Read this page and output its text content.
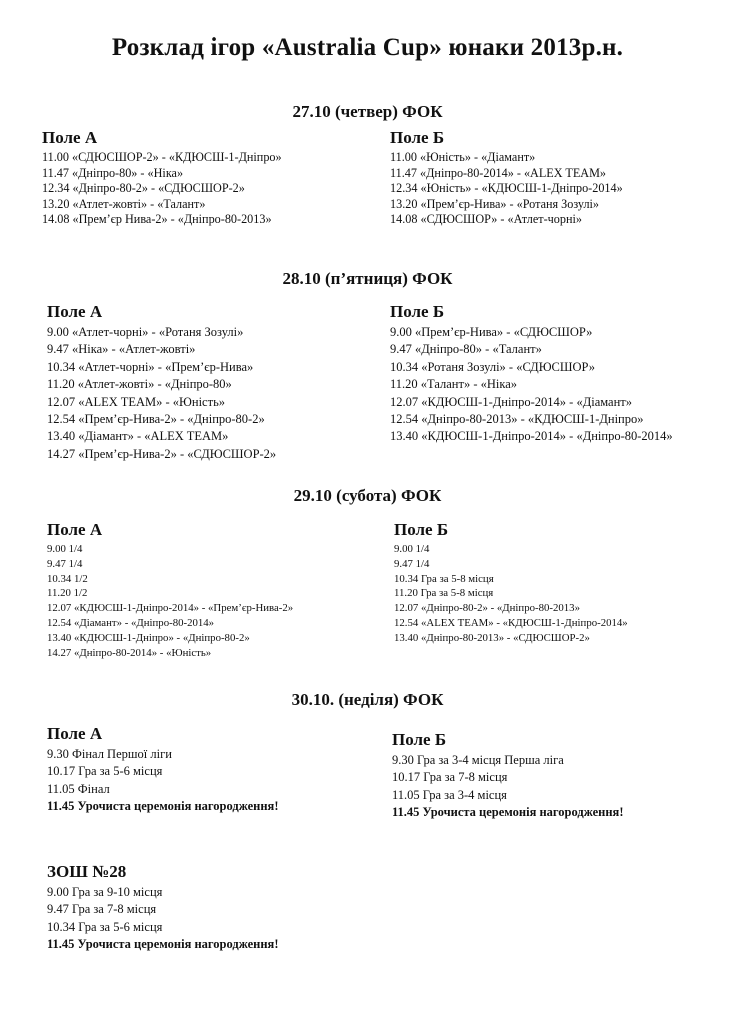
Розклад ігор «Australia Cup» юнаки 2013р.н.
27.10 (четвер) ФОК
Поле А
11.00 «СДЮСШОР-2» - «КДЮСШ-1-Дніпро»
11.47 «Дніпро-80» - «Ніка»
12.34 «Дніпро-80-2» - «СДЮСШОР-2»
13.20 «Атлет-жовті» - «Талант»
14.08 «Прем’єр Нива-2» - «Дніпро-80-2013»
Поле Б
11.00 «Юність» - «Діамант»
11.47 «Дніпро-80-2014» - «ALEX TEAM»
12.34 «Юність» - «КДЮСШ-1-Дніпро-2014»
13.20 «Прем’єр-Нива» - «Ротаня Зозулі»
14.08 «СДЮСШОР» - «Атлет-чорні»
28.10 (п’ятниця) ФОК
Поле А
9.00 «Атлет-чорні» - «Ротаня Зозулі»
9.47 «Ніка» - «Атлет-жовті»
10.34 «Атлет-чорні» - «Прем’єр-Нива»
11.20 «Атлет-жовті» - «Дніпро-80»
12.07 «ALEX TEAM» - «Юність»
12.54 «Прем’єр-Нива-2» - «Дніпро-80-2»
13.40 «Діамант» - «ALEX TEAM»
14.27 «Прем’єр-Нива-2» - «СДЮСШОР-2»
Поле Б
9.00 «Прем’єр-Нива» - «СДЮСШОР»
9.47 «Дніпро-80» - «Талант»
10.34 «Ротаня Зозулі» - «СДЮСШОР»
11.20 «Талант» - «Ніка»
12.07 «КДЮСШ-1-Дніпро-2014» - «Діамант»
12.54 «Дніпро-80-2013» - «КДЮСШ-1-Дніпро»
13.40 «КДЮСШ-1-Дніпро-2014» - «Дніпро-80-2014»
29.10 (субота) ФОК
Поле А
9.00 1/4
9.47 1/4
10.34 1/2
11.20 1/2
12.07 «КДЮСШ-1-Дніпро-2014» - «Прем’єр-Нива-2»
12.54 «Діамант» - «Дніпро-80-2014»
13.40 «КДЮСШ-1-Дніпро» - «Дніпро-80-2»
14.27 «Дніпро-80-2014» - «Юність»
Поле Б
9.00 1/4
9.47 1/4
10.34 Гра за 5-8 місця
11.20 Гра за 5-8 місця
12.07 «Дніпро-80-2» - «Дніпро-80-2013»
12.54 «ALEX TEAM» - «КДЮСШ-1-Дніпро-2014»
13.40 «Дніпро-80-2013» - «СДЮСШОР-2»
30.10. (неділя) ФОК
Поле А
9.30 Фінал Першої ліги
10.17 Гра за 5-6 місця
11.05 Фінал
11.45 Урочиста церемонія нагородження!
Поле Б
9.30 Гра за 3-4 місця Перша ліга
10.17 Гра за 7-8 місця
11.05 Гра за 3-4 місця
11.45 Урочиста церемонія нагородження!
ЗОШ №28
9.00 Гра за 9-10 місця
9.47 Гра за 7-8 місця
10.34 Гра за 5-6 місця
11.45 Урочиста церемонія нагородження!
